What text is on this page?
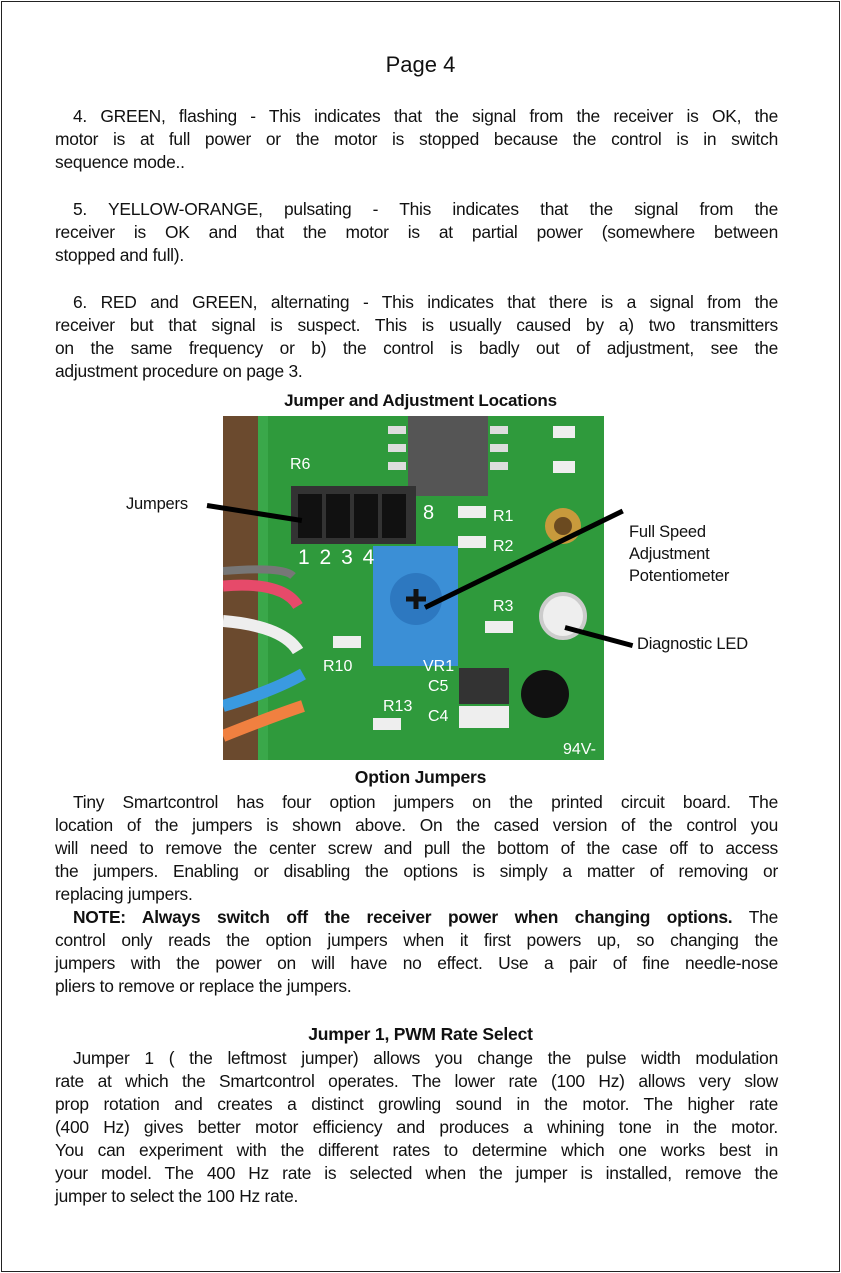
Page 4
4. GREEN, flashing - This indicates that the signal from the receiver is OK, the
motor is at full power or the motor is stopped because the control is in switch
sequence mode..
5. YELLOW-ORANGE, pulsating - This indicates that the signal from the
receiver is OK and that the motor is at partial power (somewhere between
stopped and full).
6. RED and GREEN, alternating - This indicates that there is a signal from the
receiver but that signal is suspect. This is usually caused by a) two transmitters
on the same frequency or b) the control is badly out of adjustment, see the
adjustment procedure on page 3.
Jumper and Adjustment Locations
R6
R1
R2
R3
R10	VR1
R13
C5
C4
94V-
8
1 2 3 4
Jumpers
Full Speed
Adjustment
Potentiometer
Diagnostic LED
Option Jumpers
Tiny Smartcontrol has four option jumpers on the printed circuit board. The
location of the jumpers is shown above. On the cased version of the control you
will need to remove the center screw and pull the bottom of the case off to access
the jumpers. Enabling or disabling the options is simply a matter of removing or
replacing jumpers.
NOTE: Always switch off the receiver power when changing options. The
control only reads the option jumpers when it first powers up, so changing the
jumpers with the power on will have no effect. Use a pair of fine needle-nose
pliers to remove or replace the jumpers.
Jumper 1, PWM Rate Select
Jumper 1 ( the leftmost jumper) allows you change the pulse width modulation
rate at which the Smartcontrol operates. The lower rate (100 Hz) allows very slow
prop rotation and creates a distinct growling sound in the motor. The higher rate
(400 Hz) gives better motor efficiency and produces a whining tone in the motor.
You can experiment with the different rates to determine which one works best in
your model. The 400 Hz rate is selected when the jumper is installed, remove the
jumper to select the 100 Hz rate.
